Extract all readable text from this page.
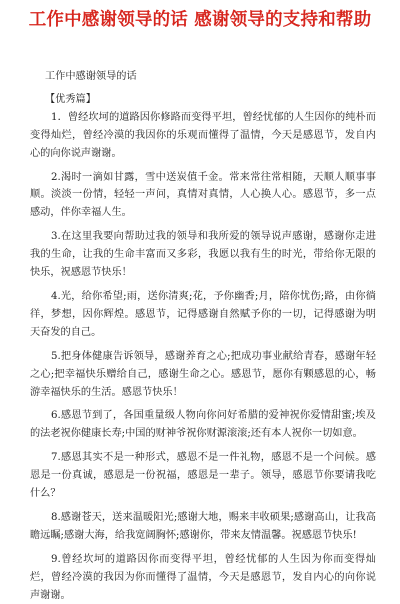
工作中感谢领导的话 感谢领导的支持和帮助
工作中感谢领导的话
【优秀篇】

1．曾经坎坷的道路因你修路而变得平坦，曾经忧郁的人生因你的纯朴而变得灿烂，曾经冷漠的我因你的乐观而懂得了温情，今天是感恩节，发自内心的向你说声谢谢。

2.渴时一滴如甘露，雪中送炭值千金。常来常往常相随，天顺人顺事事顺。淡淡一份情，轻轻一声问，真情对真情，人心换人心。感恩节，多一点感动，伴你幸福人生。

3.在这里我要向帮助过我的领导和我所爱的领导说声感谢，感谢你走进我的生命，让我的生命丰富而又多彩，我愿以我有生的时光，带给你无限的快乐，祝感恩节快乐！

4.光，给你希望;雨，送你清爽;花，予你幽香;月，陪你忧伤;路，由你徜徉，梦想，因你辉煌。感恩节，记得感谢自然赋予你的一切，记得感谢为明天奋发的自己。

5.把身体健康告诉领导，感谢养育之心;把成功事业献给青春，感谢年轻之心;把幸福快乐赠给自己，感谢生命之心。感恩节，愿你有颗感恩的心，畅游幸福快乐的生活。感恩节快乐！

6.感恩节到了，各国重量级人物向你问好希腊的爱神祝你爱情甜蜜;埃及的法老祝你健康长寿;中国的财神爷祝你财源滚滚;还有本人祝你一切如意。

7.感恩其实不是一种形式，感恩不是一件礼物，感恩不是一个问候。感恩是一份真诚，感恩是一份祝福，感恩是一辈子。领导，感恩节你要请我吃什么？

8.感谢苍天，送来温暖阳光;感谢大地，赐来丰收硕果;感谢高山，让我高瞻远瞩;感谢大海，给我宽阔胸怀;感谢你，带来友情温馨。祝感恩节快乐!

9.曾经坎坷的道路因你而变得平坦，曾经忧郁的人生因为你而变得灿烂，曾经冷漠的我因为你而懂得了温情，今天是感恩节，发自内心的向你说声谢谢。
